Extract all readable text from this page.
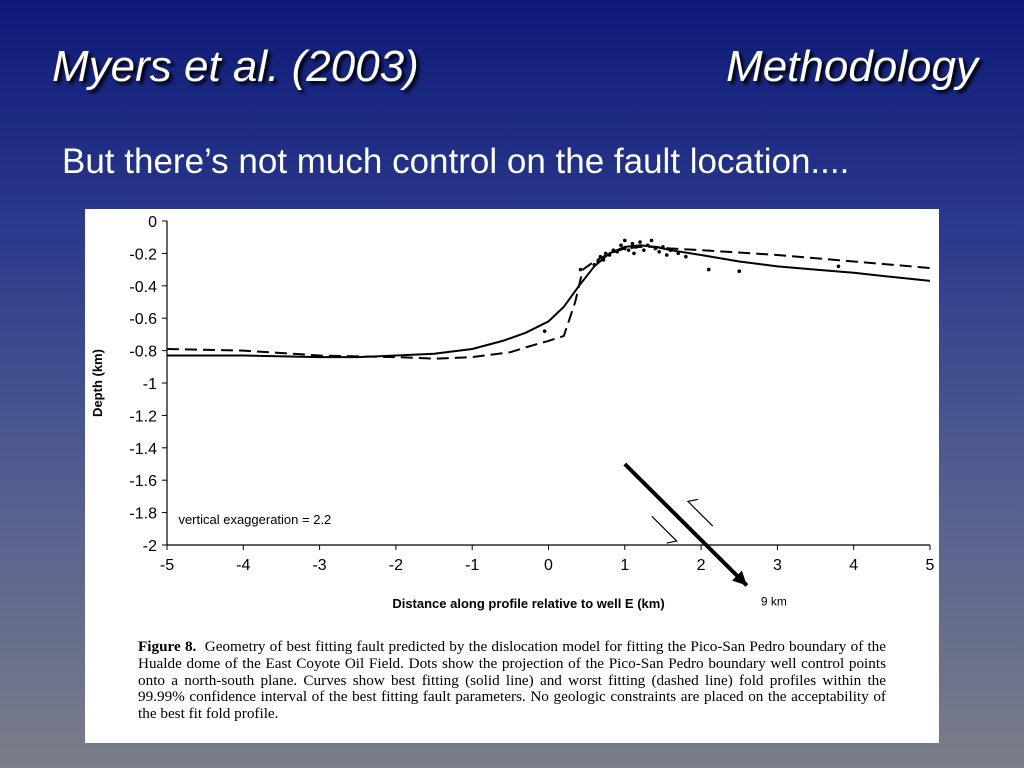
Myers et al. (2003)	Methodology
But there’s not much control on the fault location....
0
-0.2
-0.4
-0.6
-0.8
-1
-1.2
-1.4
-1.6
-1.8
-2
-5	-4	-3	-2	-1	0	1	2	3	4	5
Distance along profile relative to well E (km)
Depth (km)
vertical exaggeration = 2.2
9 km
Figure 8. Geometry of best fitting fault predicted by the dislocation model for fitting the Pico-San Pedro boundary of the Hualde dome of the East Coyote Oil Field. Dots show the projection of the Pico-San Pedro boundary well control points onto a north-south plane. Curves show best fitting (solid line) and worst fitting (dashed line) fold profiles within the 99.99% confidence interval of the best fitting fault parameters. No geologic constraints are placed on the acceptability of the best fit fold profile.
